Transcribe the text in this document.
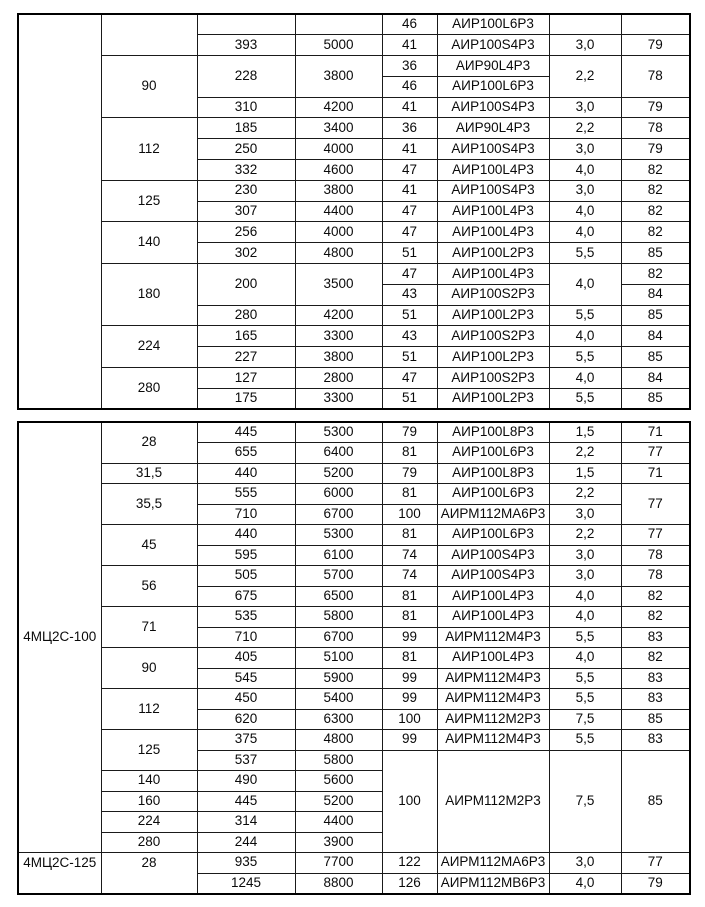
				46	АИР100L6Р3		
		393	5000	41	АИР100S4Р3	3,0	79
	90	228	3800	36	АИР90L4Р3	2,2	78
				46	АИР100L6Р3		
		310	4200	41	АИР100S4Р3	3,0	79
	112	185	3400	36	АИР90L4Р3	2,2	78
		250	4000	41	АИР100S4Р3	3,0	79
		332	4600	47	АИР100L4Р3	4,0	82
	125	230	3800	41	АИР100S4Р3	3,0	82
		307	4400	47	АИР100L4Р3	4,0	82
	140	256	4000	47	АИР100L4Р3	4,0	82
		302	4800	51	АИР100L2Р3	5,5	85
	180	200	3500	47	АИР100L4Р3	4,0	82
				43	АИР100S2Р3		84
		280	4200	51	АИР100L2Р3	5,5	85
	224	165	3300	43	АИР100S2Р3	4,0	84
		227	3800	51	АИР100L2Р3	5,5	85
	280	127	2800	47	АИР100S2Р3	4,0	84
		175	3300	51	АИР100L2Р3	5,5	85
4МЦ2С-100	28	445	5300	79	АИР100L8Р3	1,5	71
		655	6400	81	АИР100L6Р3	2,2	77
	31,5	440	5200	79	АИР100L8Р3	1,5	71
	35,5	555	6000	81	АИР100L6Р3	2,2	77
		710	6700	100	АИРМ112МА6Р3	3,0	
	45	440	5300	81	АИР100L6Р3	2,2	77
		595	6100	74	АИР100S4Р3	3,0	78
	56	505	5700	74	АИР100S4Р3	3,0	78
		675	6500	81	АИР100L4Р3	4,0	82
	71	535	5800	81	АИР100L4Р3	4,0	82
		710	6700	99	АИРМ112М4Р3	5,5	83
	90	405	5100	81	АИР100L4Р3	4,0	82
		545	5900	99	АИРМ112М4Р3	5,5	83
	112	450	5400	99	АИРМ112М4Р3	5,5	83
		620	6300	100	АИРМ112М2Р3	7,5	85
	125	375	4800	99	АИРМ112М4Р3	5,5	83
		537	5800	100	АИРМ112М2Р3	7,5	85
	140	490	5600				
	160	445	5200				
	224	314	4400				
	280	244	3900				
4МЦ2С-125	28	935	7700	122	АИРМ112МА6Р3	3,0	77
		1245	8800	126	АИРМ112МВ6Р3	4,0	79
